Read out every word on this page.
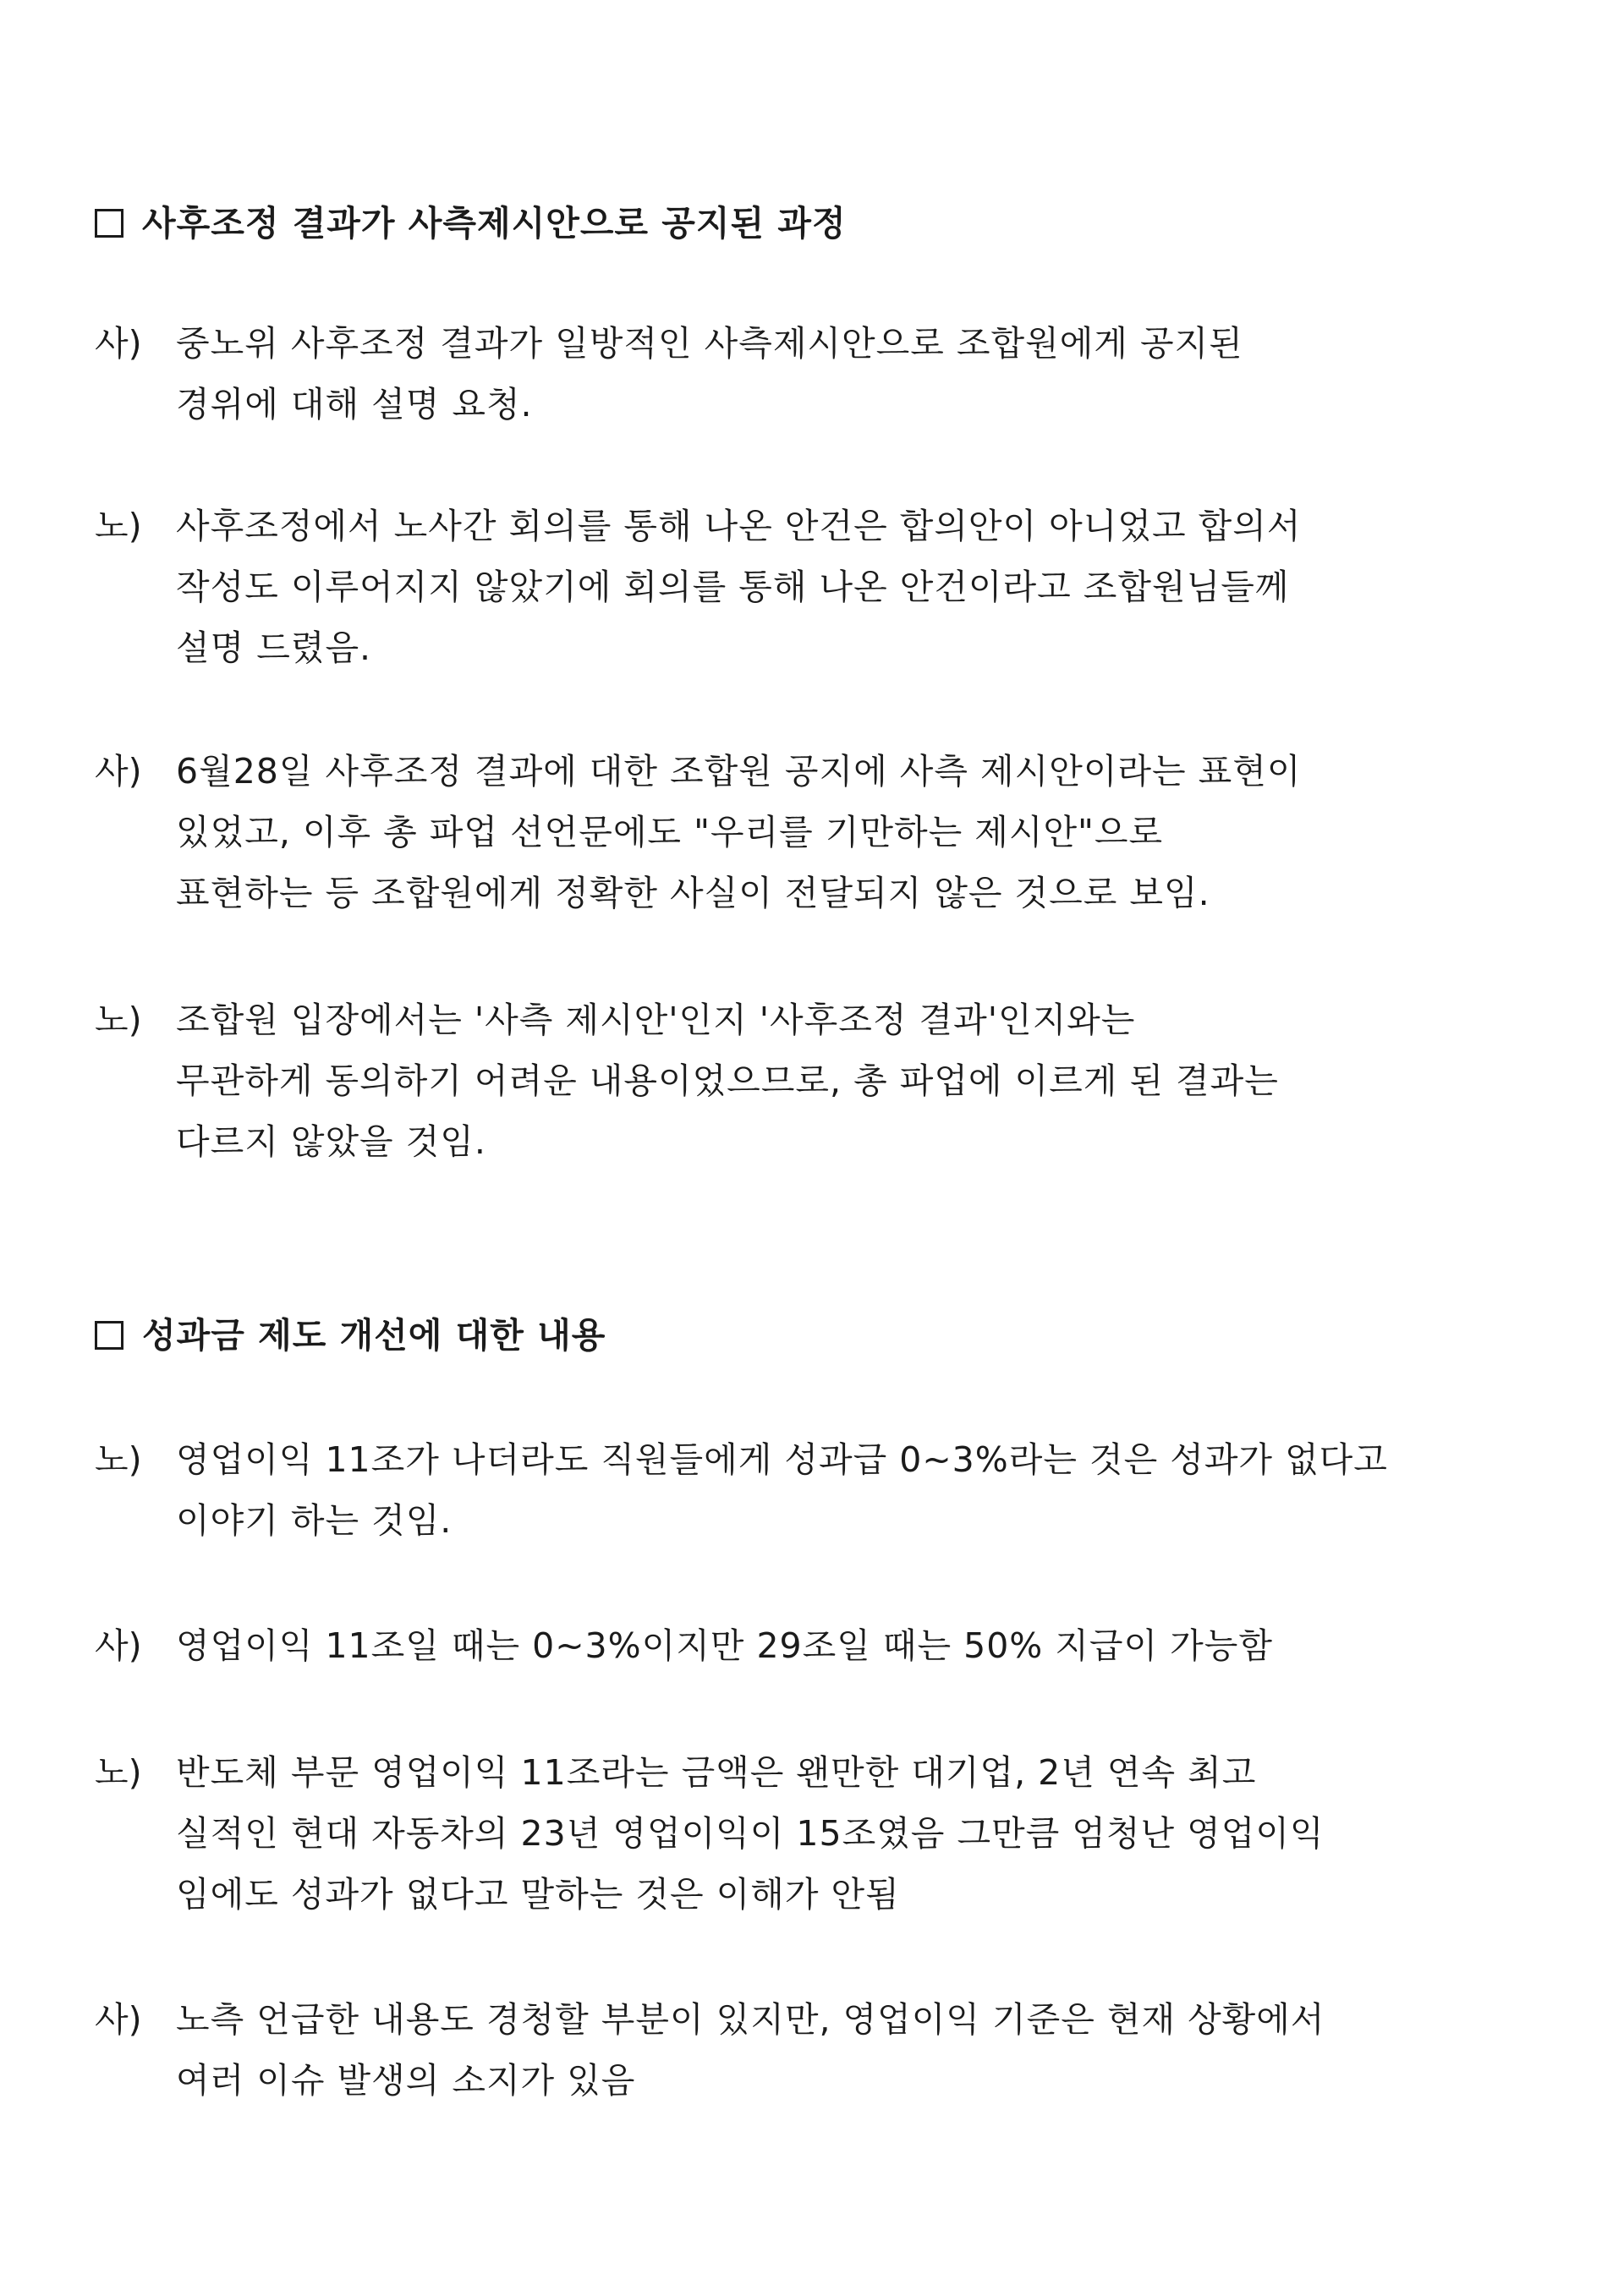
사후조정 결과가 사측제시안으로 공지된 과정
사) 중노위 사후조정 결과가 일방적인 사측제시안으로 조합원에게 공지된
경위에 대해 설명 요청.
노) 사후조정에서 노사간 회의를 통해 나온 안건은 합의안이 아니었고 합의서
작성도 이루어지지 않았기에 회의를 통해 나온 안건이라고 조합원님들께
설명 드렸음.
사) 6월28일 사후조정 결과에 대한 조합원 공지에 사측 제시안이라는 표현이
있었고, 이후 총 파업 선언문에도 "우리를 기만하는 제시안"으로
표현하는 등 조합원에게 정확한 사실이 전달되지 않은 것으로 보임.
노) 조합원 입장에서는 '사측 제시안'인지 '사후조정 결과'인지와는
무관하게 동의하기 어려운 내용이었으므로, 총 파업에 이르게 된 결과는
다르지 않았을 것임.
성과금 제도 개선에 대한 내용
노) 영업이익 11조가 나더라도 직원들에게 성과급 0~3%라는 것은 성과가 없다고
이야기 하는 것임.
사) 영업이익 11조일 때는 0~3%이지만 29조일 때는 50% 지급이 가능함
노) 반도체 부문 영업이익 11조라는 금액은 왠만한 대기업, 2년 연속 최고
실적인 현대 자동차의 23년 영업이익이 15조였음 그만큼 엄청난 영업이익
임에도 성과가 없다고 말하는 것은 이해가 안됨
사) 노측 언급한 내용도 경청할 부분이 있지만, 영업이익 기준은 현재 상황에서
여러 이슈 발생의 소지가 있음
